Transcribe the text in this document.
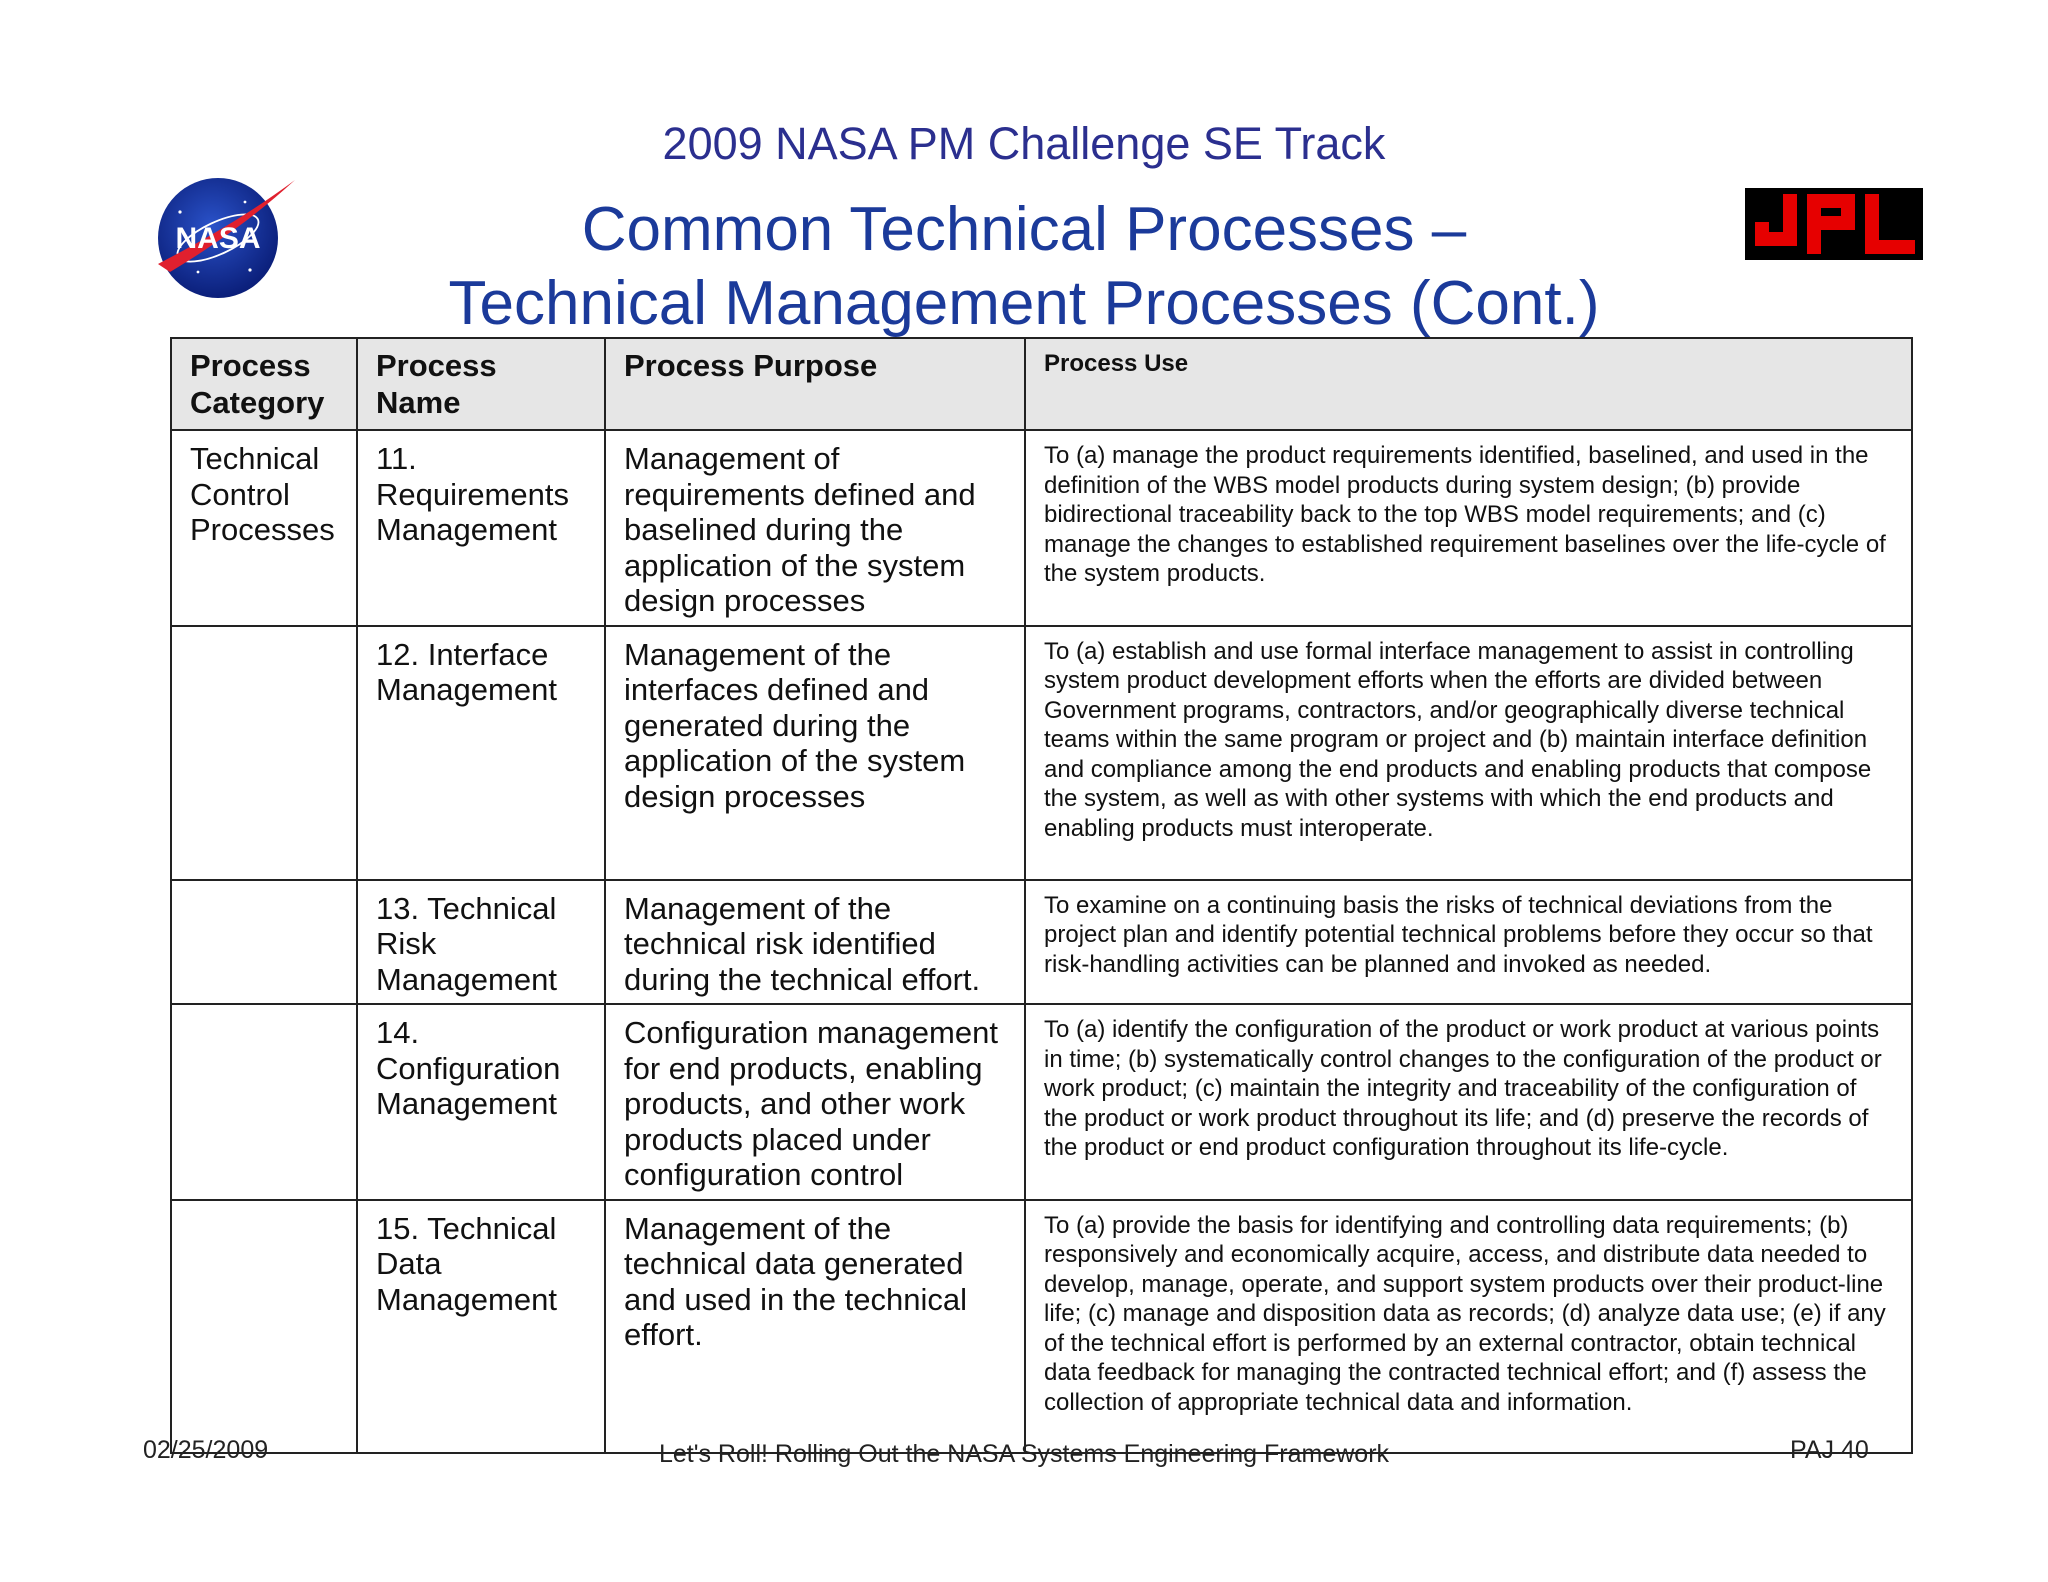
2009 NASA PM Challenge SE Track
Common Technical Processes –
Technical Management Processes (Cont.)
NASA
Process Category	Process Name	Process Purpose	Process Use
Technical Control Processes	11. Requirements Management	Management of requirements defined and baselined during the application of the system design processes	To (a) manage the product requirements identified, baselined, and used in the definition of the WBS model products during system design; (b) provide bidirectional traceability back to the top WBS model requirements; and (c) manage the changes to established requirement baselines over the life-cycle of the system products.
	12. Interface Management	Management of the interfaces defined and generated during the application of the system design processes	To (a) establish and use formal interface management to assist in controlling system product development efforts when the efforts are divided between Government programs, contractors, and/or geographically diverse technical teams within the same program or project and (b) maintain interface definition and compliance among the end products and enabling products that compose the system, as well as with other systems with which the end products and enabling products must interoperate.
	13. Technical Risk Management	Management of the technical risk identified during the technical effort.	To examine on a continuing basis the risks of technical deviations from the project plan and identify potential technical problems before they occur so that risk-handling activities can be planned and invoked as needed.
	14. Configuration Management	Configuration management for end products, enabling products, and other work products placed under configuration control	To (a) identify the configuration of the product or work product at various points in time; (b) systematically control changes to the configuration of the product or work product; (c) maintain the integrity and traceability of the configuration of the product or work product throughout its life; and (d) preserve the records of the product or end product configuration throughout its life-cycle.
	15. Technical Data Management	Management of the technical data generated and used in the technical effort.	To (a) provide the basis for identifying and controlling data requirements; (b) responsively and economically acquire, access, and distribute data needed to develop, manage, operate, and support system products over their product-line life; (c) manage and disposition data as records; (d) analyze data use; (e) if any of the technical effort is performed by an external contractor, obtain technical data feedback for managing the contracted technical effort; and (f) assess the collection of appropriate technical data and information.
02/25/2009	Let's Roll! Rolling Out the NASA Systems Engineering Framework	PAJ 40
